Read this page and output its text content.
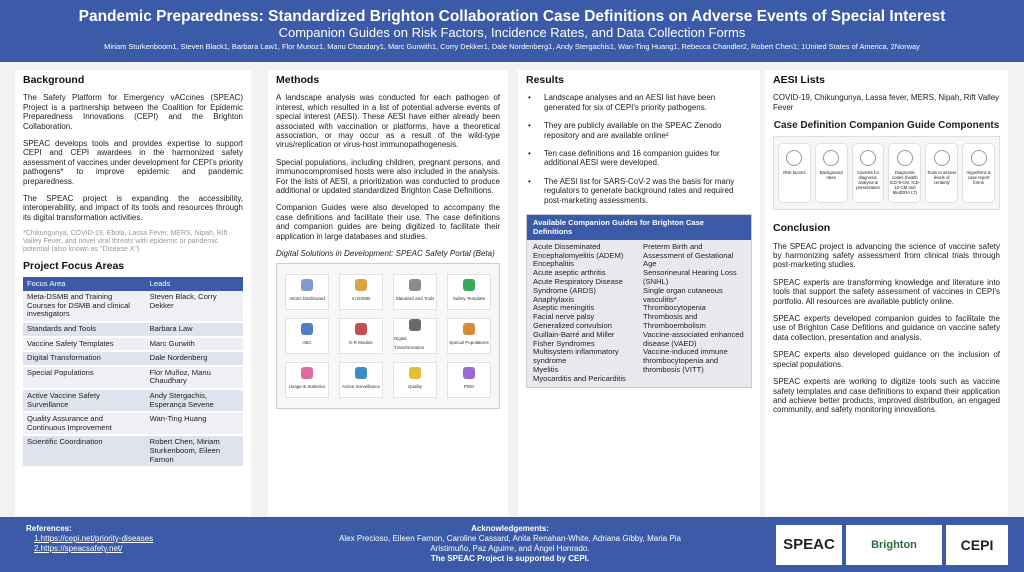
Pandemic Preparedness: Standardized Brighton Collaboration Case Definitions on Adverse Events of Special Interest
Companion Guides on Risk Factors, Incidence Rates, and Data Collection Forms
Miriam Sturkenboom1, Steven Black1, Barbara Law1, Flor Munoz1, Manu Chaudary1, Marc Gurwith1, Corry Dekker1, Dale Nordenberg1, Andy Stergachis1, Wan-Ting Huang1, Rebecca Chandler2, Robert Chen1; 1United States of America, 2Norway
Background

The Safety Platform for Emergency vACcines (SPEAC) Project is a partnership between the Coalition for Epidemic Preparedness Innovations (CEPI) and the Brighton Collaboration.

SPEAC develops tools and provides expertise to support CEPI and CEPI awardees in the harmonized safety assessment of vaccines under development for CEPI's priority pathogens* to improve epidemic and pandemic preparedness.

The SPEAC project is expanding the accessibility, interoperability, and impact of its tools and resources through its digital transformation activities.

*Chikungunya, COVID-19, Ebola, Lassa Fever, MERS, Nipah, Rift Valley Fever, and novel viral threats with epidemic or pandemic potential (also known as "Disease X")

Project Focus Areas
Focus Area	Leads
Meta-DSMB and Training Courses for DSMB and clinical investigators	Steven Black, Corry Dekker
Standards and Tools	Barbara Law
Vaccine Safety Templates	Marc Gurwith
Digital Transformation	Dale Nordenberg
Special Populations	Flor Muñoz, Manu Chaudhary
Active Vaccine Safety Surveillance	Andy Stergachis, Esperança Sevene
Quality Assurance and Continuous Improvement	Wan-Ting Huang
Scientific Coordination	Robert Chen, Miriam Sturkenboom, Eileen Farnon
Methods

A landscape analysis was conducted for each pathogen of interest, which resulted in a list of potential adverse events of special interest (AESI). These AESI have either already been associated with vaccination or platforms, have a theoretical association, or may occur as a result of the wild-type virus/replication or virus-host immunopathogenesis.

Special populations, including children, pregnant persons, and immunocompromised hosts were also included in the analysis. For the lists of AESI, a prioritization was conducted to produce additional or updated standardized Brighton Case Definitions.

Companion Guides were also developed to accompany the case definitions and facilitate their use. The case definitions and companion guides are being digitized to facilitate their application in large databases and studies.

Digital Solutions in Development: SPEAC Safety Portal (Beta)

AESIs Dashboard	m-DSMB	Standard and Tools	Safety Template
ABC	E-R Module
Digital Transformation
Special Populations
Usage & Statistics	Active Surveillance	Quality	PMO
Results
• Landscape analyses and an AESI list have been generated for six of CEPI's priority pathogens.
• They are publicly available on the SPEAC Zenodo repository and are available online²
• Ten case definitions and 16 companion guides for additional AESI were developed.
• The AESI list for SARS-CoV-2 was the basis for many regulators to generate background rates and required post-marketing assessments.
Available Companion Guides for Brighton Case Definitions
Acute Disseminated Encephalomyelitis (ADEM)
Encephalitis
Acute aseptic arthritis
Acute Respiratory Disease Syndrome (ARDS)
Anaphylaxis
Aseptic meningitis
Facial nerve palsy
Generalized convulsion
Guillain-Barré and Miller Fisher Syndromes
Multisystem inflammatory syndrome
Myelitis
Myocarditis and Pericarditis
Preterm Birth and Assessment of Gestational Age
Sensorineural Hearing Loss (SNHL)
Single organ cutaneous vasculitis*
Thrombocytopenia
Thrombosis and Thromboembolism
Vaccine-associated enhanced disease (VAED)
Vaccine-induced immune thrombocytopenia and thrombosis (VITT)
AESI Lists

COVID-19, Chikungunya, Lassa fever, MERS, Nipah, Rift Valley Fever

Case Definition Companion Guide Components
Risk factors	Background rates
Caveats for diagnosis, analysis & presentation
Diagnostic codes (health ICD-9-CM, ICD-10-CM and MedDRA LT)
Tools to assess levels of certainty
Algorithms & case report forms
Conclusion

The SPEAC project is advancing the science of vaccine safety by harmonizing safety assessment from clinical trials through post-marketing studies.

SPEAC experts are transforming knowledge and literature into tools that support the safety assessment of vaccines in CEPI's portfolio. All resources are available publicly online.

SPEAC experts developed companion guides to facilitate the use of Brighton Case Defitions and guidance on vaccine safety data collection, presentation and analysis.

SPEAC experts also developed guidance on the inclusion of special populations.

SPEAC experts are working to digitize tools such as vaccine safety templates and case definitions to expand their application and achieve better products, improved distribution, an engaged community, and safety monitoring innovations.

References:
1.https://cepi.net/priority-diseases
2.https://speacsafety.net/
Acknowledgements:
Alex Precioso, Eileen Farnon, Caroline Cassard, Anita Renahan-White, Adriana Gibby, Maria Pia Aristimuño, Paz Aguirre, and Ángel Honrado.
The SPEAC Project is supported by CEPI.
SPEAC	Brighton	CEPI
